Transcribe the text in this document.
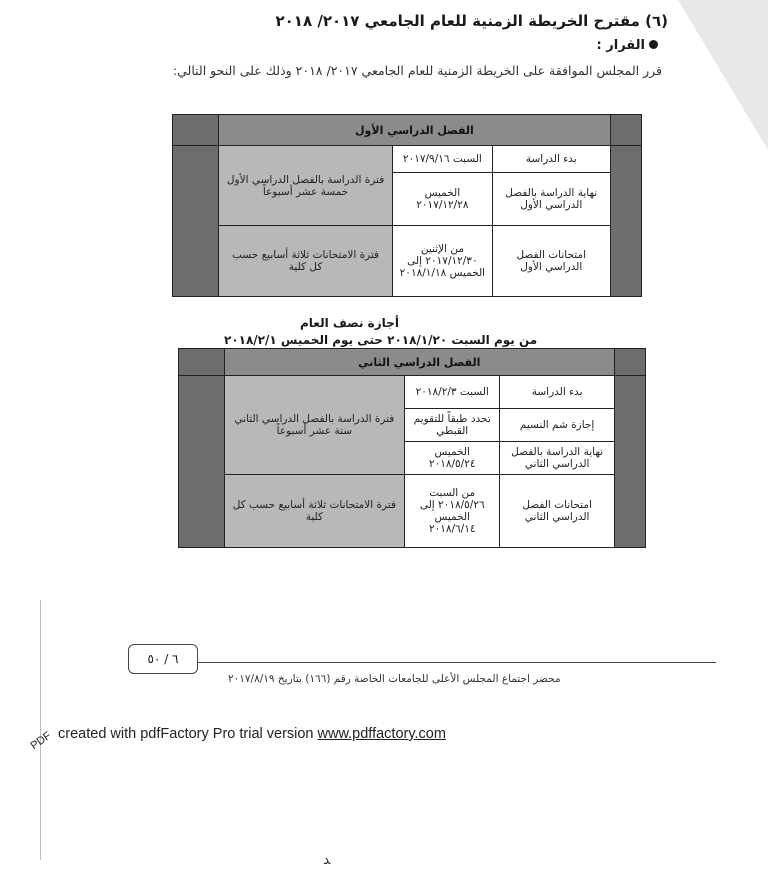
(٦) مقترح الخريطة الزمنية للعام الجامعي ٢٠١٧/ ٢٠١٨
القرار :
قرر المجلس الموافقة على الخريطة الزمنية للعام الجامعي ٢٠١٧/ ٢٠١٨ وذلك على النحو التالي:
	الفصل الدراسي الأول			
	بدء الدراسة	السبت ٢٠١٧/٩/١٦	فترة الدراسة بالفصل الدراسي الأول خمسة عشر أسبوعاً	
	نهاية الدراسة بالفصل الدراسي الأول	الخميس ٢٠١٧/١٢/٢٨		
	امتحانات الفصل الدراسي الأول	من الإثنين ٢٠١٧/١٢/٣٠ إلى الخميس ٢٠١٨/١/١٨	فترة الامتحانات ثلاثة أسابيع حسب كل كلية	
أجازة نصف العام
من يوم السبت ٢٠١٨/١/٢٠ حتى يوم الخميس ٢٠١٨/٢/١
	الفصل الدراسي الثاني			
	بدء الدراسة	السبت ٢٠١٨/٢/٣	فترة الدراسة بالفصل الدراسي الثاني ستة عشر أسبوعاً	
	إجازة شم النسيم	تحدد طبقاً للتقويم القبطي		
	نهاية الدراسة بالفصل الدراسي الثاني	الخميس ٢٠١٨/٥/٢٤		
	امتحانات الفصل الدراسي الثاني	من السبت ٢٠١٨/٥/٢٦ إلى الخميس ٢٠١٨/٦/١٤	فترة الامتحانات ثلاثة أسابيع حسب كل كلية	
٦ / ٥٠
محضر اجتماع المجلس الأعلى للجامعات الخاصة رقم (١٦٦) بتاريخ ٢٠١٧/٨/١٩
PDF created with pdfFactory Pro trial version www.pdffactory.com
ﺪ
